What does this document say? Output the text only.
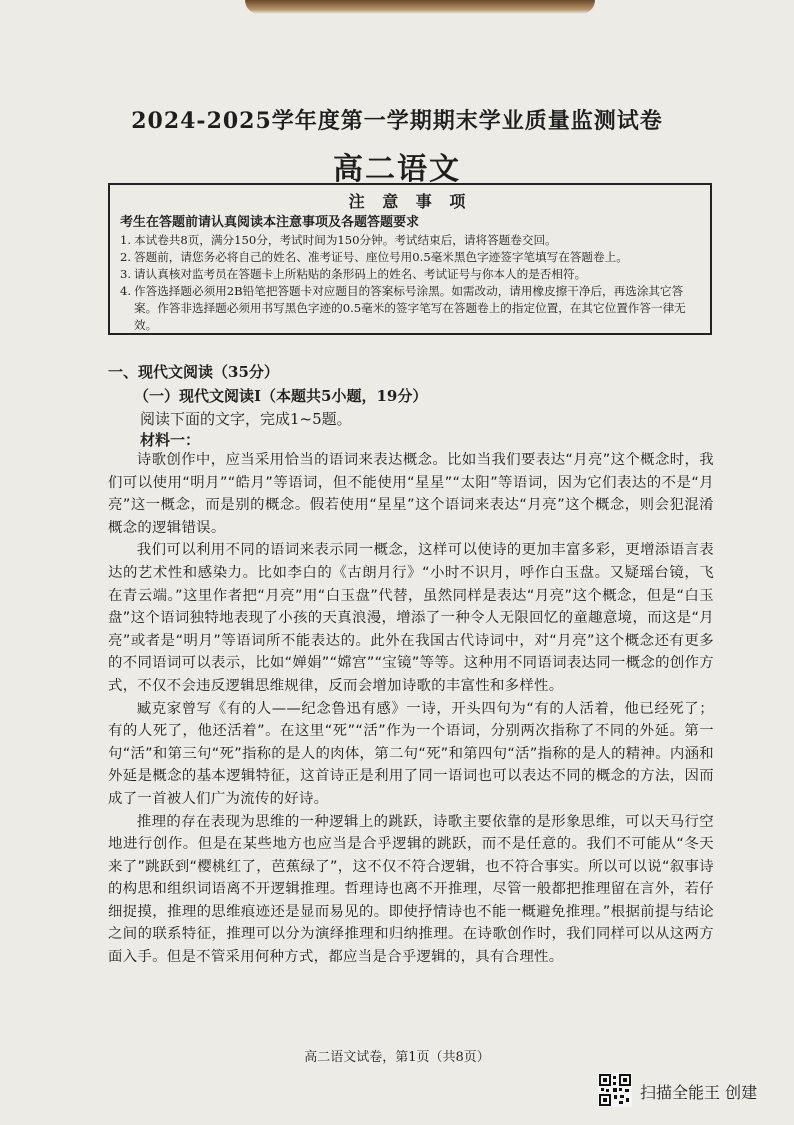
2024-2025学年度第一学期期末学业质量监测试卷
高二语文
注 意 事 项
考生在答题前请认真阅读本注意事项及各题答题要求
1. 本试卷共8页，满分150分，考试时间为150分钟。考试结束后，请将答题卷交回。
2. 答题前，请您务必将自己的姓名、准考证号、座位号用0.5毫米黑色字迹签字笔填写在答题卷上。
3. 请认真核对监考员在答题卡上所粘贴的条形码上的姓名、考试证号与你本人的是否相符。
4. 作答选择题必须用2B铅笔把答题卡对应题目的答案标号涂黑。如需改动，请用橡皮擦干净后，再选涂其它答案。作答非选择题必须用书写黑色字迹的0.5毫米的签字笔写在答题卷上的指定位置，在其它位置作答一律无效。
一、现代文阅读（35分）
（一）现代文阅读Ⅰ（本题共5小题，19分）
阅读下面的文字，完成1~5题。
材料一：

诗歌创作中，应当采用恰当的语词来表达概念。比如当我们要表达“月亮”这个概念时，我们可以使用“明月”“皓月”等语词，但不能使用“星星”“太阳”等语词，因为它们表达的不是“月亮”这一概念，而是别的概念。假若使用“星星”这个语词来表达“月亮”这个概念，则会犯混淆概念的逻辑错误。

我们可以利用不同的语词来表示同一概念，这样可以使诗的更加丰富多彩，更增添语言表达的艺术性和感染力。比如李白的《古朗月行》“小时不识月，呼作白玉盘。又疑瑶台镜，飞在青云端。”这里作者把“月亮”用“白玉盘”代替，虽然同样是表达“月亮”这个概念，但是“白玉盘”这个语词独特地表现了小孩的天真浪漫，增添了一种令人无限回忆的童趣意境，而这是“月亮”或者是“明月”等语词所不能表达的。此外在我国古代诗词中，对“月亮”这个概念还有更多的不同语词可以表示，比如“婵娟”“嫦宫”“宝镜”等等。这种用不同语词表达同一概念的创作方式，不仅不会违反逻辑思维规律，反而会增加诗歌的丰富性和多样性。

臧克家曾写《有的人——纪念鲁迅有感》一诗，开头四句为“有的人活着，他已经死了；有的人死了，他还活着”。在这里“死”“活”作为一个语词，分别两次指称了不同的外延。第一句“活”和第三句“死”指称的是人的肉体，第二句“死”和第四句“活”指称的是人的精神。内涵和外延是概念的基本逻辑特征，这首诗正是利用了同一语词也可以表达不同的概念的方法，因而成了一首被人们广为流传的好诗。

推理的存在表现为思维的一种逻辑上的跳跃，诗歌主要依靠的是形象思维，可以天马行空地进行创作。但是在某些地方也应当是合乎逻辑的跳跃，而不是任意的。我们不可能从“冬天来了”跳跃到“樱桃红了，芭蕉绿了”，这不仅不符合逻辑，也不符合事实。所以可以说“叙事诗的构思和组织词语离不开逻辑推理。哲理诗也离不开推理，尽管一般都把推理留在言外，若仔细捉摸，推理的思维痕迹还是显而易见的。即使抒情诗也不能一概避免推理。”根据前提与结论之间的联系特征，推理可以分为演绎推理和归纳推理。在诗歌创作时，我们同样可以从这两方面入手。但是不管采用何种方式，都应当是合乎逻辑的，具有合理性。

高二语文试卷，第1页（共8页）
扫描全能王 创建
